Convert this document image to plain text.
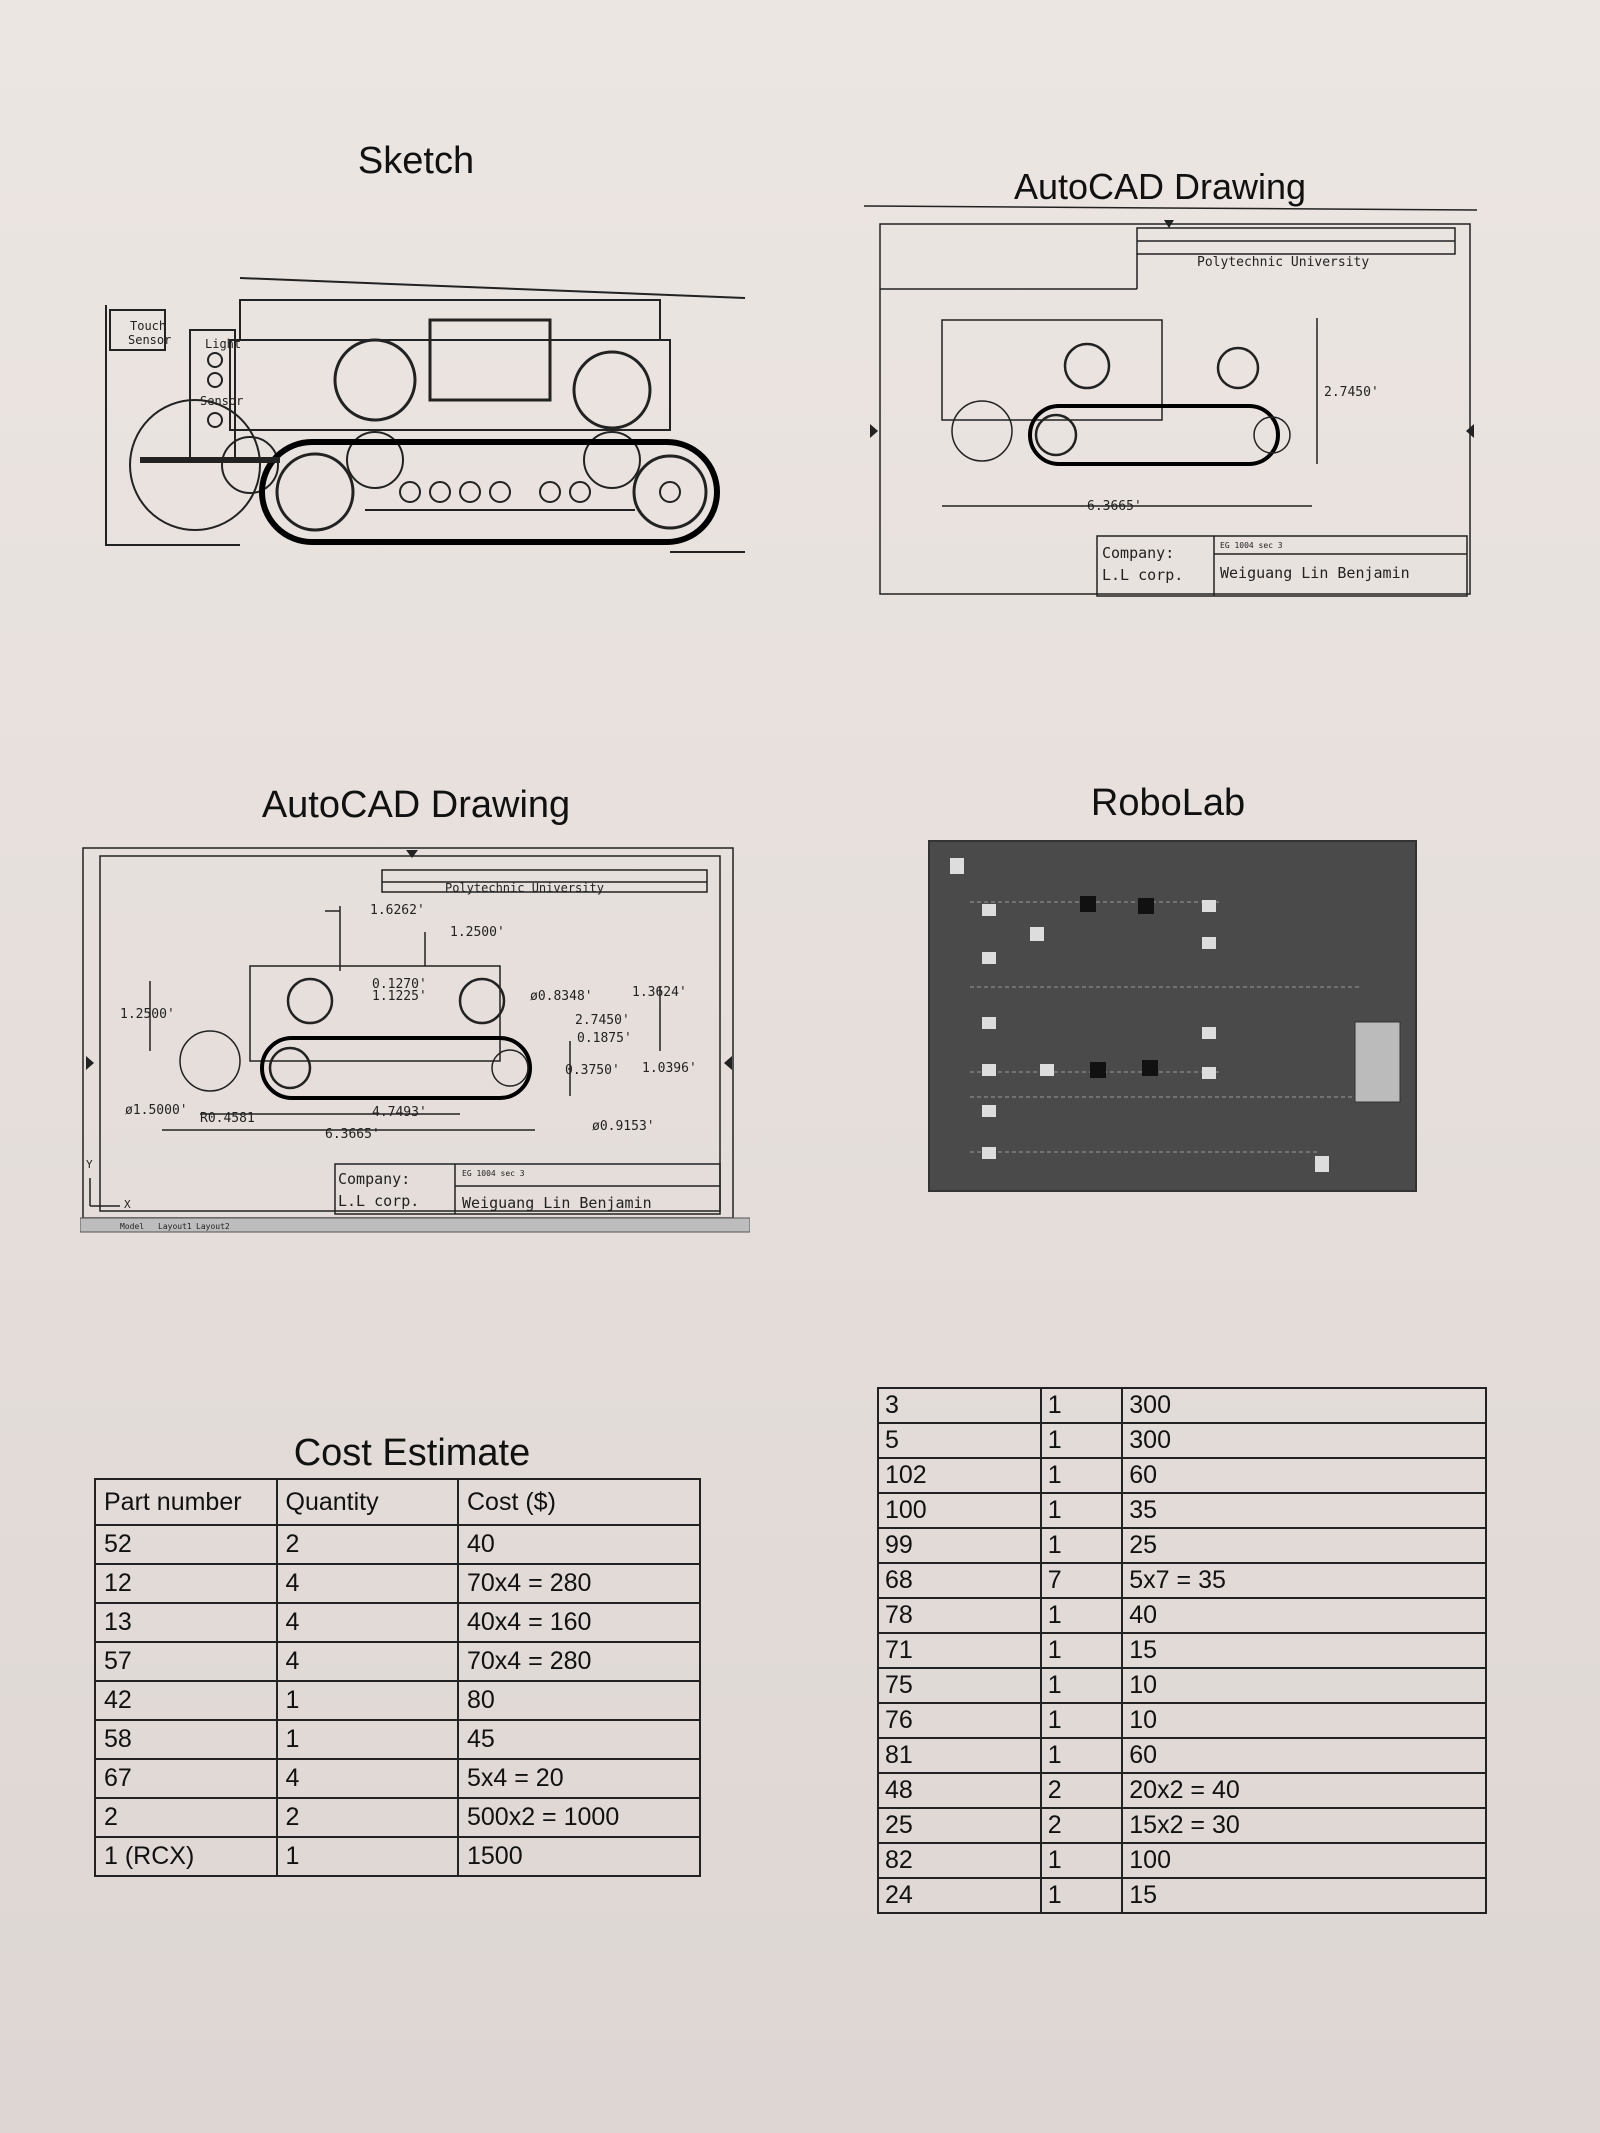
Sketch
AutoCAD Drawing
AutoCAD Drawing	RoboLab
Cost Estimate
Touch
Sensor	Light
Sensor
Polytechnic University
2.7450'
6.3665'
Company:
L.L corp.
EG 1004 sec 3
Weiguang Lin Benjamin
Polytechnic University
1.6262'
1.2500'
0.1270'
1.1225'	ø0.8348'	1.3624'
2.7450'
0.1875'
1.2500'
0.3750' 1.0396'
ø1.5000'
R0.4581	4.7493'
6.3665'
ø0.9153'
Company:
L.L corp.
EG 1004 sec 3
Weiguang Lin Benjamin
X
Y
Model Layout1 Layout2
Part number	Quantity	Cost ($)
52	2	40
12	4	70x4 = 280
13	4	40x4 = 160
57	4	70x4 = 280
42	1	80
58	1	45
67	4	5x4 = 20
2	2	500x2 = 1000
1 (RCX)	1	1500
3	1	300
5	1	300
102	1	60
100	1	35
99	1	25
68	7	5x7 = 35
78	1	40
71	1	15
75	1	10
76	1	10
81	1	60
48	2	20x2 = 40
25	2	15x2 = 30
82	1	100
24	1	15
